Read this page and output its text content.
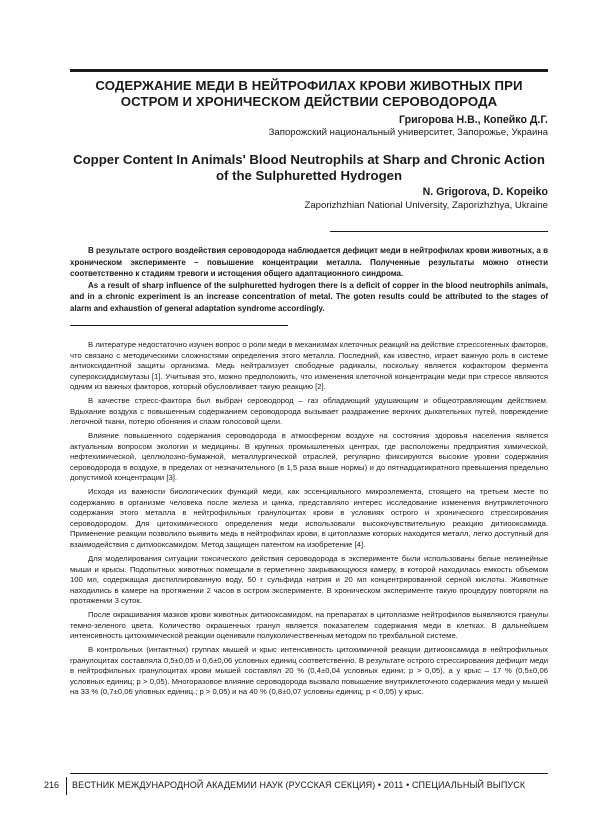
СОДЕРЖАНИЕ МЕДИ В НЕЙТРОФИЛАХ КРОВИ ЖИВОТНЫХ ПРИ ОСТРОМ И ХРОНИЧЕСКОМ ДЕЙСТВИИ СЕРОВОДОРОДА
Григорова Н.В., Копейко Д.Г.
Запорожский национальный университет, Запорожье, Украина
Copper Content In Animals' Blood Neutrophils at Sharp and Chronic Action of the Sulphuretted Hydrogen
N. Grigorova, D. Kopeiko
Zaporizhzhian National University, Zaporizhzhya, Ukraine

В результате острого воздействия сероводорода наблюдается дефицит меди в нейтрофилах крови животных, а в хроническом эксперименте – повышение концентрации металла. Полученные результаты можно отнести соответственно к стадиям тревоги и истощения общего адаптационного синдрома.

As a result of sharp influence of the sulphuretted hydrogen there is a deficit of copper in the blood neutrophils animals, and in a chronic experiment is an increase concentration of metal. The goten results could be attributed to the stages of alarm and exhaustion of general adaptation syndrome accordingly.

В литературе недостаточно изучен вопрос о роли меди в механизмах клеточных реакций на действие стрессогенных факторов, что связано с методическими сложностями определения этого металла. Последний, как известно, играет важную роль в системе антиоксидантной защиты организма. Медь нейтрализует свободные радикалы, поскольку является кофактором фермента супероксиддисмутазы [1]. Учитывая это, можно предположить, что изменения клеточной концентрации меди при стрессе являются одним из важных факторов, который обусловливает такую реакцию [2].

В качестве стресс-фактора был выбран сероводород – газ обладающий удушающим и общеотравляющим действием. Вдыхание воздуха с повышенным содержанием сероводорода вызывает раздражение верхних дыхательных путей, повреждение легочной ткани, потерю обоняния и спазм голосовой щели.

Влияние повышенного содержания сероводорода в атмосферном воздухе на состояния здоровья населения является актуальным вопросом экологии и медицины. В крупных промышленных центрах, где расположены предприятия химической, нефтехимической, целлюлозно-бумажной, металлургической отраслей, регулярно фиксируются высокие уровни содержания сероводорода в воздухе, в пределах от незначительного (в 1,5 раза выше нормы) и до пятнадцатикратного превышения предельно допустимой концентрации [3].

Исходя из важности биологических функций меди, как эссенциального микроэлемента, стоящего на третьем месте по содержанию в организме человека после железа и цинка, представляло интерес исследование изменения внутриклеточного содержания этого металла в нейтрофильных гранулоцитах крови в условиях острого и хронического стрессирования сероводородом. Для цитохимического определения меди использовали высокочувствительную реакцию дитиооксамида. Применение реакции позволило выявить медь в нейтрофилах крови, в цитоплазме которых находится металл, легко доступный для взаимодействия с дитиооксамидом. Метод защищен патентом на изобретение [4].

Для моделирования ситуации токсического действия сероводорода в эксперименте были использованы белые нелинейные мыши и крысы. Подопытных животных помещали в герметично закрывающуюся камеру, в которой находилась емкость объемом 100 мл, содержащая дистиллированную воду, 50 г сульфида натрия и 20 мл концентрированной серной кислоты. Животные находились в камере на протяжении 2 часов в остром эксперименте. В хроническом эксперименте такую процедуру повторяли на протяжении 3 суток.

После окрашивания мазков крови животных дитиооксамидом, на препаратах в цитоплазме нейтрофилов выявляются гранулы темно-зеленого цвета. Количество окрашенных гранул является показателем содержания меди в клетках. В дальнейшем интенсивность цитохимической реакции оценивали полуколичественным методом по трехбальной системе.

В контрольных (интактных) группах мышей и крыс интенсивность цитохимичной реакции дитиооксамида в нейтрофильных гранулоцитах составляла 0,5±0,05 и 0,6±0,06 условных единиц соответственно. В результате острого стрессирования дефицит меди в нейтрофильных гранулоцитах крови мышей составлял 20 % (0,4±0,04 условных едини; р > 0,05), а у крыс – 17 % (0,5±0,06 условных единиц; р > 0,05). Многоразовое влияние сероводорода вызвало повышение внутриклеточного содержания меди у мышей на 33 % (0,7±0,06 уловных единиц.; р > 0,05) и на 40 % (0,8±0,07 условны единиц; р < 0,05) у крыс.

216 ВЕСТНИК МЕЖДУНАРОДНОЙ АКАДЕМИИ НАУК (РУССКАЯ СЕКЦИЯ) • 2011 • СПЕЦИАЛЬНЫЙ ВЫПУСК
